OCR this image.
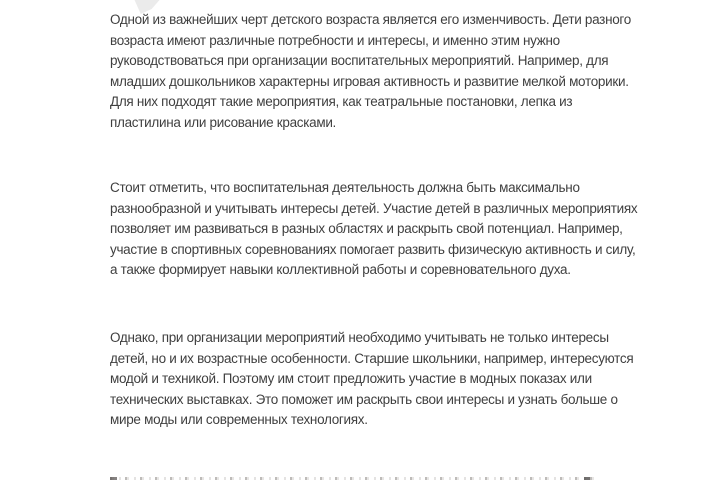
Одной из важнейших черт детского возраста является его изменчивость. Дети разного
возраста имеют различные потребности и интересы, и именно этим нужно
руководствоваться при организации воспитательных мероприятий. Например, для
младших дошкольников характерны игровая активность и развитие мелкой моторики.
Для них подходят такие мероприятия, как театральные постановки, лепка из
пластилина или рисование красками.
Стоит отметить, что воспитательная деятельность должна быть максимально
разнообразной и учитывать интересы детей. Участие детей в различных мероприятиях
позволяет им развиваться в разных областях и раскрыть свой потенциал. Например,
участие в спортивных соревнованиях помогает развить физическую активность и силу,
а также формирует навыки коллективной работы и соревновательного духа.
Однако, при организации мероприятий необходимо учитывать не только интересы
детей, но и их возрастные особенности. Старшие школьники, например, интересуются
модой и техникой. Поэтому им стоит предложить участие в модных показах или
технических выставках. Это поможет им раскрыть свои интересы и узнать больше о
мире моды или современных технологиях.
